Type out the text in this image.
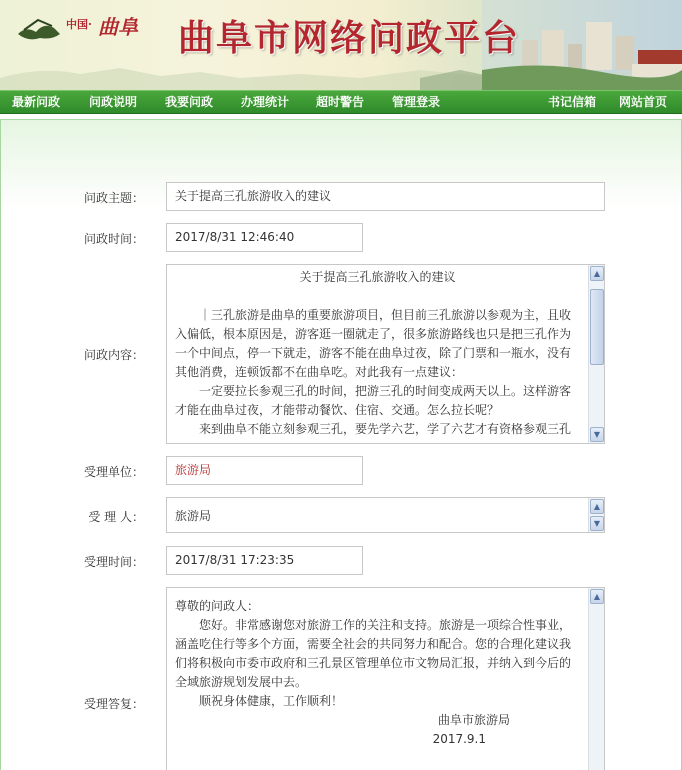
中国· 曲阜 曲阜市网络问政平台
最新问政 问政说明 我要问政 办理统计 超时警告 管理登录	书记信箱 网站首页
问政主题：	关于提高三孔旅游收入的建议
问政时间：	2017/8/31 12:46:40
问政内容：

关于提高三孔旅游收入的建议

｜三孔旅游是曲阜的重要旅游项目，但目前三孔旅游以参观为主，且收入偏低，根本原因是，游客逛一圈就走了，很多旅游路线也只是把三孔作为一个中间点，停一下就走，游客不能在曲阜过夜，除了门票和一瓶水，没有其他消费，连顿饭都不在曲阜吃。对此我有一点建议：

一定要拉长参观三孔的时间，把游三孔的时间变成两天以上。这样游客才能在曲阜过夜，才能带动餐饮、住宿、交通。怎么拉长呢？

来到曲阜不能立刻参观三孔，要先学六艺，学了六艺才有资格参观三孔

▲
▼
受理单位：	旅游局
受 理 人：	旅游局
▲
▼
受理时间：	2017/8/31 17:23:35
受理答复：

尊敬的问政人：

您好。非常感谢您对旅游工作的关注和支持。旅游是一项综合性事业，涵盖吃住行等多个方面，需要全社会的共同努力和配合。您的合理化建议我们将积极向市委市政府和三孔景区管理单位市文物局汇报，并纳入到今后的全域旅游规划发展中去。

顺祝身体健康，工作顺利！

曲阜市旅游局

2017.9.1

▲
